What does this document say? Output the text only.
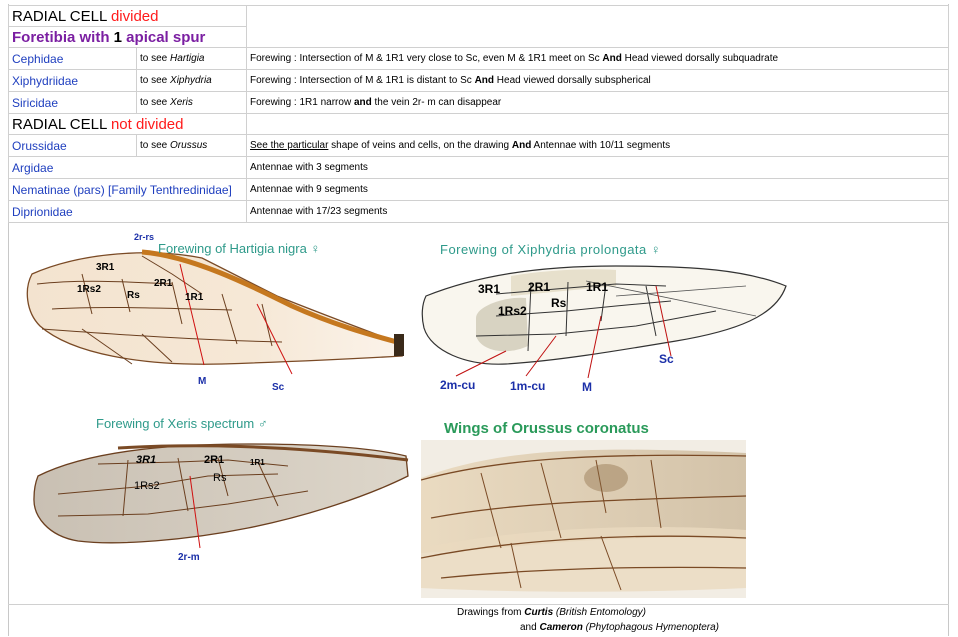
RADIAL CELL divided		
Foretibia with 1 apical spur		
Cephidae	to see Hartigia	Forewing : Intersection of M & 1R1 very close to Sc, even M & 1R1 meet on Sc And Head viewed dorsally subquadrate
Xiphydriidae	to see Xiphydria	Forewing : Intersection of M & 1R1 is distant to Sc And Head viewed dorsally subspherical
Siricidae	to see Xeris	Forewing : 1R1 narrow and the vein 2r- m can disappear
RADIAL CELL not divided		
Orussidae	to see Orussus	See the particular shape of veins and cells, on the drawing And Antennae with 10/11 segments
Argidae		Antennae with 3 segments
Nematinae (pars) [Family Tenthredinidae]		Antennae with 9 segments
Diprionidae		Antennae with 17/23 segments
2r-rs
3R1
1Rs2
Rs
2R1
1R1
M
Sc
Forewing of Hartigia nigra ♀
3R1 2R1	1R1
Rs
1Rs2
2m-cu	1m-cu	M
Sc
Forewing of Xiphydria prolongata ♀
3R1	2R1	1R1
1Rs2
Rs
2r-m
Forewing of Xeris spectrum ♂	Wings of Orussus coronatus
Drawings from Curtis (British Entomology)
and Cameron (Phytophagous Hymenoptera)
